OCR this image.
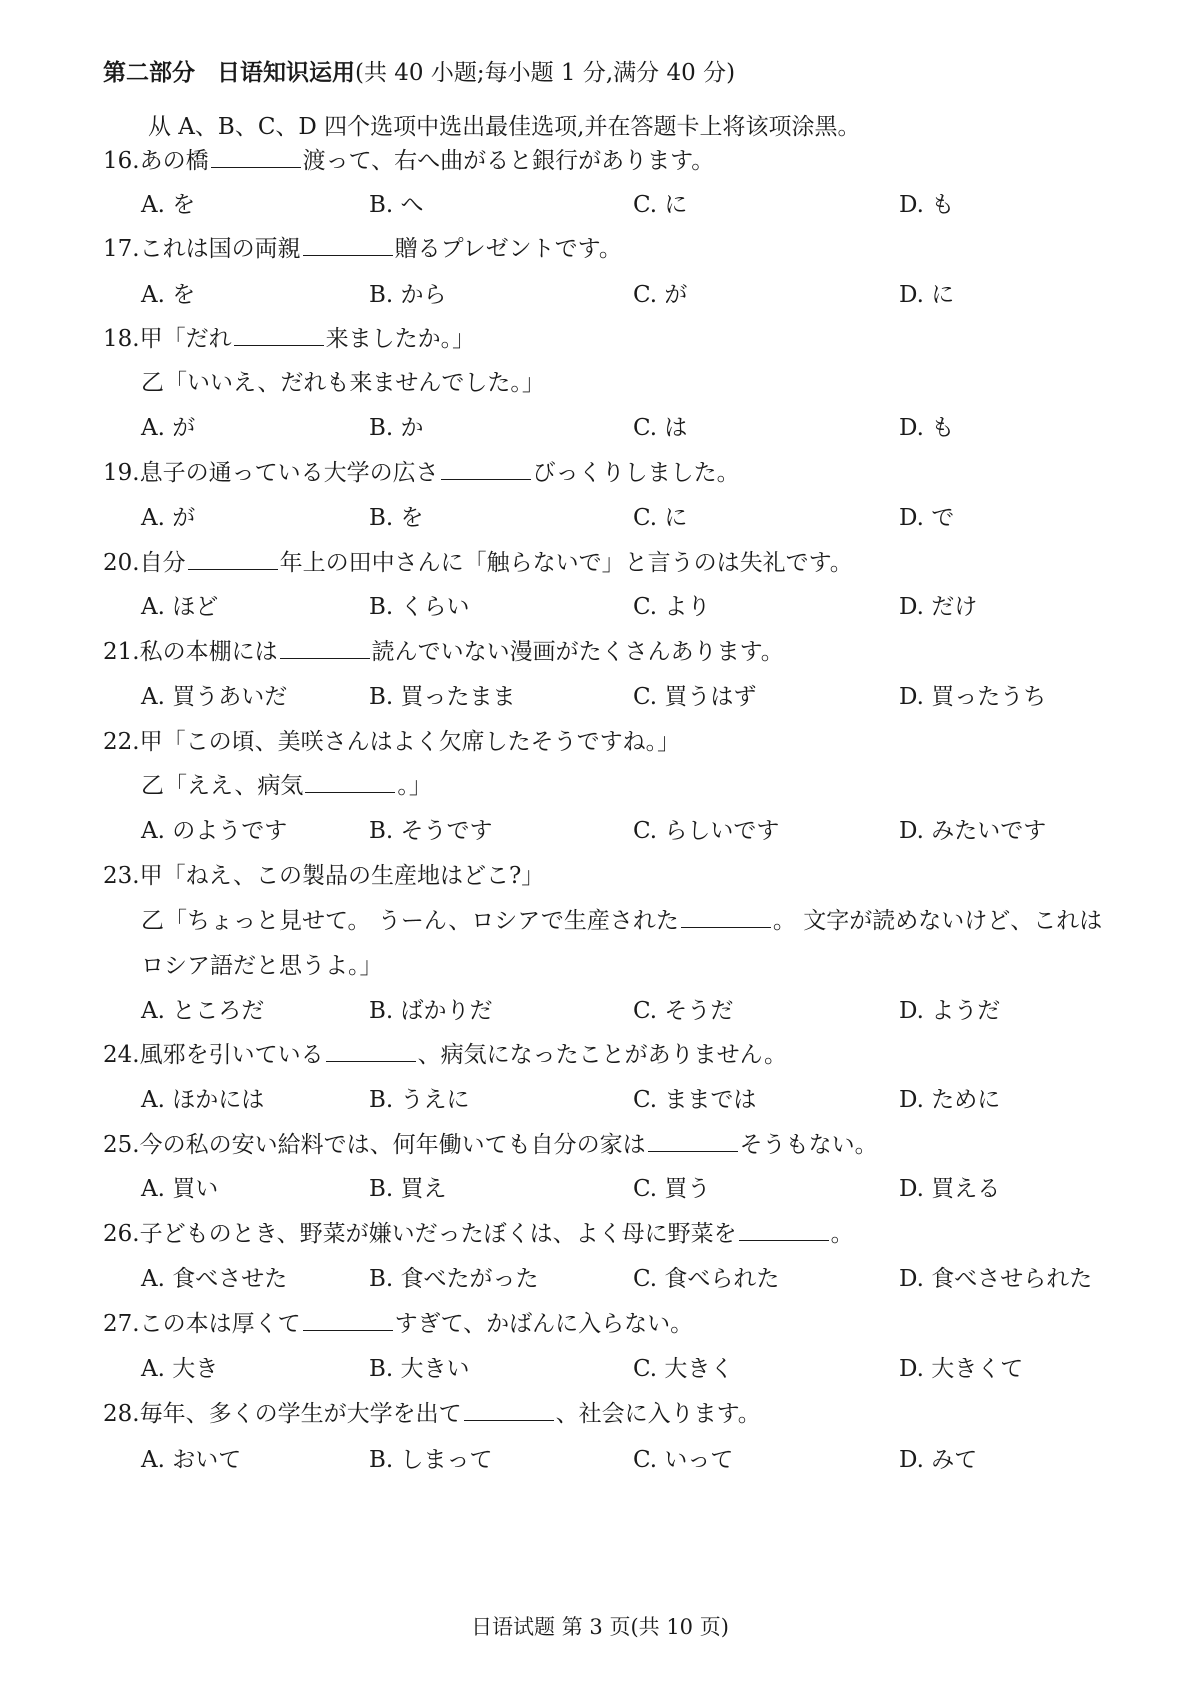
第二部分 日语知识运用(共 40 小题;每小题 1 分,满分 40 分)
从 A、B、C、D 四个选项中选出最佳选项,并在答题卡上将该项涂黑。
16.あの橋	渡って、右へ曲がると銀行があります。
A. を	B. へ	C. に	D. も
17.これは国の両親	贈るプレゼントです。
A. を	B. から	C. が	D. に
18.甲「だれ	来ましたか。」
乙「いいえ、だれも来ませんでした。」
A. が	B. か	C. は	D. も
19.息子の通っている大学の広さ	びっくりしました。
A. が	B. を	C. に	D. で
20.自分	年上の田中さんに「触らないで」と言うのは失礼です。
A. ほど	B. くらい	C. より	D. だけ
21.私の本棚には	読んでいない漫画がたくさんあります。
A. 買うあいだ	B. 買ったまま	C. 買うはず	D. 買ったうち
22.甲「この頃、美咲さんはよく欠席したそうですね。」
乙「ええ、病気	。」
A. のようです	B. そうです	C. らしいです	D. みたいです
23.甲「ねえ、この製品の生産地はどこ?」
乙「ちょっと見せて。 うーん、ロシアで生産された	。 文字が読めないけど、これは
ロシア語だと思うよ。」
A. ところだ	B. ばかりだ	C. そうだ	D. ようだ
24.風邪を引いている	、病気になったことがありません。
A. ほかには	B. うえに	C. ままでは	D. ために
25.今の私の安い給料では、何年働いても自分の家は	そうもない。
A. 買い	B. 買え	C. 買う	D. 買える
26.子どものとき、野菜が嫌いだったぼくは、よく母に野菜を	。
A. 食べさせた	B. 食べたがった	C. 食べられた	D. 食べさせられた
27.この本は厚くて	すぎて、かばんに入らない。
A. 大き	B. 大きい	C. 大きく	D. 大きくて
28.毎年、多くの学生が大学を出て	、社会に入ります。
A. おいて	B. しまって	C. いって	D. みて
日语试题 第 3 页(共 10 页)
